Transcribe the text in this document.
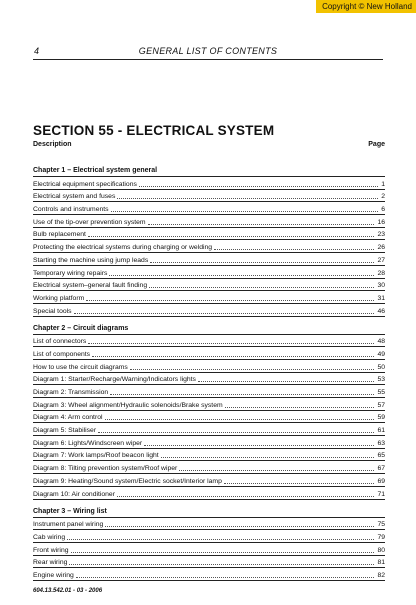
Copyright © New Holland
4	GENERAL LIST OF CONTENTS
SECTION 55 - ELECTRICAL SYSTEM
Description	Page
Chapter 1 – Electrical system general
Electrical equipment specifications	1
Electrical system and fuses	2
Controls and instruments	6
Use of the tip-over prevention system	16
Bulb replacement	23
Protecting the electrical systems during charging or welding	26
Starting the machine using jump leads	27
Temporary wiring repairs	28
Electrical system–general fault finding	30
Working platform	31
Special tools	46
Chapter 2 – Circuit diagrams
List of connectors	48
List of components	49
How to use the circuit diagrams	50
Diagram 1: Starter/Recharge/Warning/Indicators lights	53
Diagram 2: Transmission	55
Diagram 3: Wheel alignment/Hydraulic solenoids/Brake system	57
Diagram 4: Arm control	59
Diagram 5: Stabiliser	61
Diagram 6: Lights/Windscreen wiper	63
Diagram 7: Work lamps/Roof beacon light	65
Diagram 8: Tilting prevention system/Roof wiper	67
Diagram 9: Heating/Sound system/Electric socket/Interior lamp	69
Diagram 10: Air conditioner	71
Chapter 3 – Wiring list
Instrument panel wiring	75
Cab wiring	79
Front wiring	80
Rear wiring	81
Engine wiring	82
604.13.542.01 - 03 - 2006
